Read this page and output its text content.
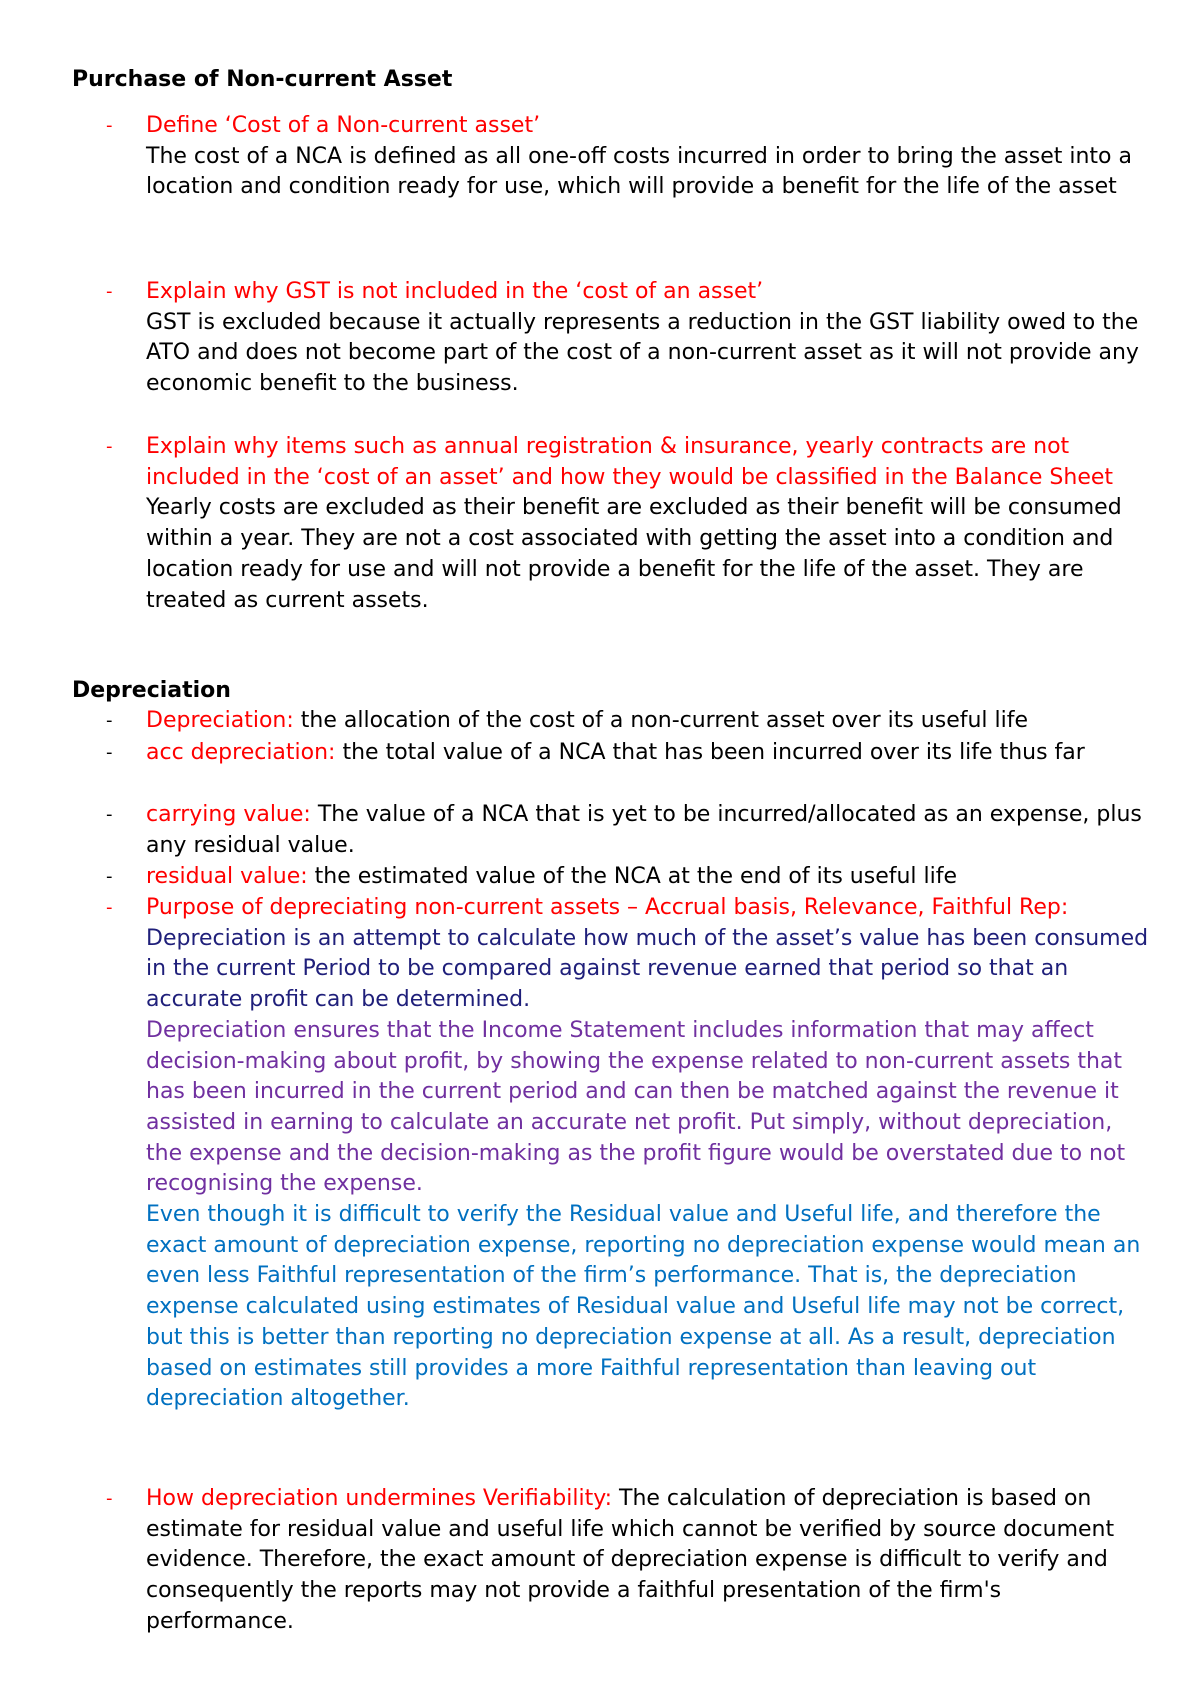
Purchase of Non-current Asset
- Define ‘Cost of a Non-current asset’
The cost of a NCA is defined as all one-off costs incurred in order to bring the asset into a location and condition ready for use, which will provide a benefit for the life of the asset
- Explain why GST is not included in the ‘cost of an asset’
GST is excluded because it actually represents a reduction in the GST liability owed to the ATO and does not become part of the cost of a non-current asset as it will not provide any economic benefit to the business.
- Explain why items such as annual registration & insurance, yearly contracts are not included in the ‘cost of an asset’ and how they would be classified in the Balance Sheet
Yearly costs are excluded as their benefit are excluded as their benefit will be consumed within a year. They are not a cost associated with getting the asset into a condition and location ready for use and will not provide a benefit for the life of the asset. They are treated as current assets.
Depreciation
- Depreciation: the allocation of the cost of a non-current asset over its useful life
- acc depreciation: the total value of a NCA that has been incurred over its life thus far
- carrying value: The value of a NCA that is yet to be incurred/allocated as an expense, plus any residual value.
- residual value: the estimated value of the NCA at the end of its useful life
- Purpose of depreciating non-current assets – Accrual basis, Relevance, Faithful Rep:
Depreciation is an attempt to calculate how much of the asset’s value has been consumed in the current Period to be compared against revenue earned that period so that an accurate profit can be determined.
Depreciation ensures that the Income Statement includes information that may affect decision-making about profit, by showing the expense related to non-current assets that has been incurred in the current period and can then be matched against the revenue it assisted in earning to calculate an accurate net profit. Put simply, without depreciation, the expense and the decision-making as the profit figure would be overstated due to not recognising the expense.
Even though it is difficult to verify the Residual value and Useful life, and therefore the exact amount of depreciation expense, reporting no depreciation expense would mean an even less Faithful representation of the firm’s performance. That is, the depreciation expense calculated using estimates of Residual value and Useful life may not be correct, but this is better than reporting no depreciation expense at all. As a result, depreciation based on estimates still provides a more Faithful representation than leaving out depreciation altogether.
- How depreciation undermines Verifiability: The calculation of depreciation is based on estimate for residual value and useful life which cannot be verified by source document evidence. Therefore, the exact amount of depreciation expense is difficult to verify and consequently the reports may not provide a faithful presentation of the firm's performance.
